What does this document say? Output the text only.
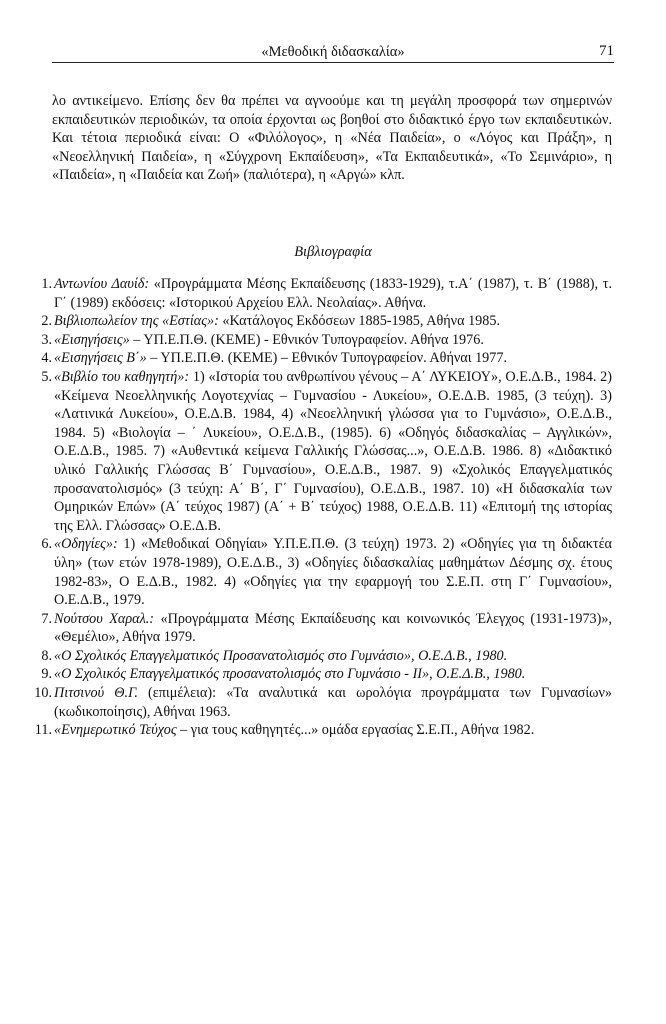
«Μεθοδική διδασκαλία»	71

λο αντικείμενο. Επίσης δεν θα πρέπει να αγνοούμε και τη μεγάλη προσφορά των σημερινών εκπαιδευτικών περιοδικών, τα οποία έρχονται ως βοηθοί στο διδακτικό έργο των εκπαιδευτικών. Και τέτοια περιοδικά είναι: Ο «Φιλόλογος», η «Νέα Παιδεία», ο «Λόγος και Πράξη», η «Νεοελληνική Παιδεία», η «Σύγχρονη Εκπαίδευση», «Τα Εκπαιδευτικά», «Το Σεμινάριο», η «Παιδεία», η «Παιδεία και Ζωή» (παλιότερα), η «Αργώ» κλπ.

Βιβλιογραφία
1. Αντωνίου Δαυίδ: «Προγράμματα Μέσης Εκπαίδευσης (1833-1929), τ.Α΄ (1987), τ. Β΄ (1988), τ. Γ΄ (1989) εκδόσεις: «Ιστορικού Αρχείου Ελλ. Νεολαίας». Αθήνα.
2. Βιβλιοπωλείον της «Εστίας»: «Κατάλογος Εκδόσεων 1885-1985, Αθήνα 1985.
3. «Εισηγήσεις» – ΥΠ.Ε.Π.Θ. (ΚΕΜΕ) - Εθνικόν Τυπογραφείον. Αθήνα 1976.
4. «Εισηγήσεις Β΄» – ΥΠ.Ε.Π.Θ. (ΚΕΜΕ) – Εθνικόν Τυπογραφείον. Αθήναι 1977.
5. «Βιβλίο του καθηγητή»: 1) «Ιστορία του ανθρωπίνου γένους – Α΄ ΛΥΚΕΙΟΥ», Ο.Ε.Δ.Β., 1984. 2) «Κείμενα Νεοελληνικής Λογοτεχνίας – Γυμνασίου - Λυκείου», Ο.Ε.Δ.Β. 1985, (3 τεύχη). 3) «Λατινικά Λυκείου», Ο.Ε.Δ.Β. 1984, 4) «Νεοελληνική γλώσσα για το Γυμνάσιο», Ο.Ε.Δ.Β., 1984. 5) «Βιολογία – ΄ Λυκείου», Ο.Ε.Δ.Β., (1985). 6) «Οδηγός διδασκαλίας – Αγγλικών», Ο.Ε.Δ.Β., 1985. 7) «Αυθεντικά κείμενα Γαλλικής Γλώσσας...», Ο.Ε.Δ.Β. 1986. 8) «Διδακτικό υλικό Γαλλικής Γλώσσας Β΄ Γυμνασίου», Ο.Ε.Δ.Β., 1987. 9) «Σχολικός Επαγγελματικός προσανατολισμός» (3 τεύχη: Α΄ Β΄, Γ΄ Γυμνασίου), Ο.Ε.Δ.Β., 1987. 10) «Η διδασκαλία των Ομηρικών Επών» (Α΄ τεύχος 1987) (Α΄ + Β΄ τεύχος) 1988, Ο.Ε.Δ.Β. 11) «Επιτομή της ιστορίας της Ελλ. Γλώσσας» Ο.Ε.Δ.Β.
6. «Οδηγίες»: 1) «Μεθοδικαί Οδηγίαι» Υ.Π.Ε.Π.Θ. (3 τεύχη) 1973. 2) «Οδηγίες για τη διδακτέα ύλη» (των ετών 1978-1989), Ο.Ε.Δ.Β., 3) «Οδηγίες διδασκαλίας μαθημάτων Δέσμης σχ. έτους 1982-83», Ο Ε.Δ.Β., 1982. 4) «Οδηγίες για την εφαρμογή του Σ.Ε.Π. στη Γ΄ Γυμνασίου», Ο.Ε.Δ.Β., 1979.
7. Νούτσου Χαραλ.: «Προγράμματα Μέσης Εκπαίδευσης και κοινωνικός Έλεγχος (1931-1973)», «Θεμέλιο», Αθήνα 1979.
8. «Ο Σχολικός Επαγγελματικός Προσανατολισμός στο Γυμνάσιο», Ο.Ε.Δ.Β., 1980.
9. «Ο Σχολικός Επαγγελματικός προσανατολισμός στο Γυμνάσιο - ΙΙ», Ο.Ε.Δ.Β., 1980.
10. Πιτσινού Θ.Γ. (επιμέλεια): «Τα αναλυτικά και ωρολόγια προγράμματα των Γυμνασίων» (κωδικοποίησις), Αθήναι 1963.
11. «Ενημερωτικό Τεύχος – για τους καθηγητές...» ομάδα εργασίας Σ.Ε.Π., Αθήνα 1982.
